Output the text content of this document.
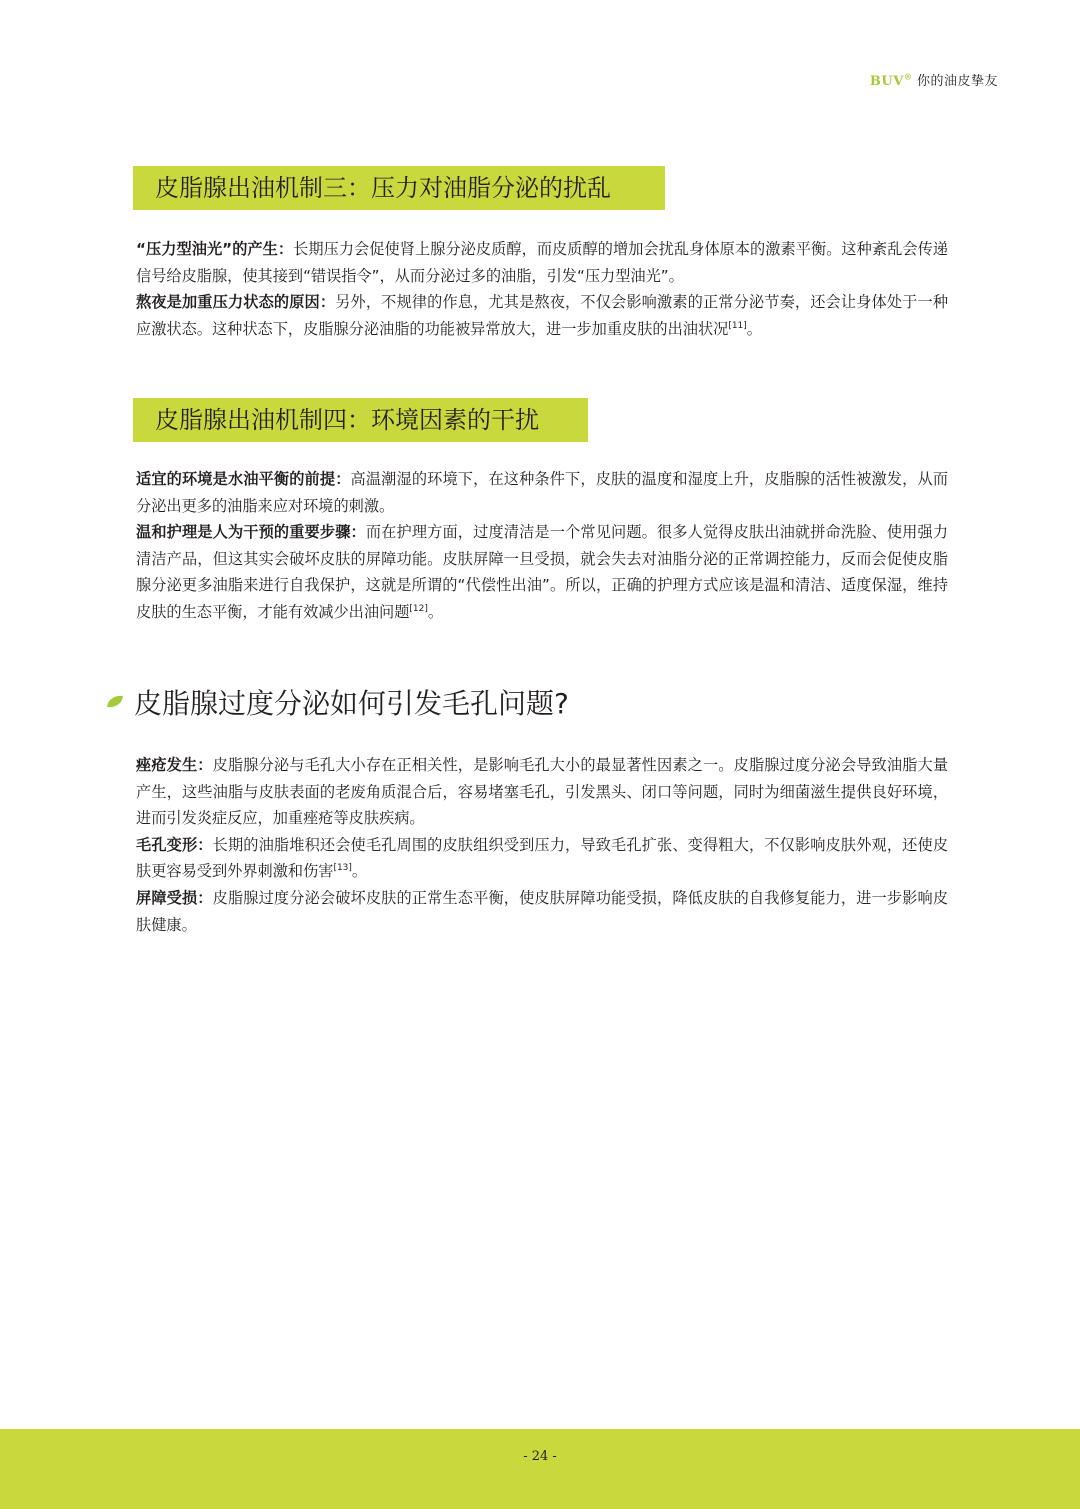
BUV® 你的油皮挚友
皮脂腺出油机制三：压力对油脂分泌的扰乱

“压力型油光”的产生：长期压力会促使肾上腺分泌皮质醇，而皮质醇的增加会扰乱身体原本的激素平衡。这种紊乱会传递信号给皮脂腺，使其接到“错误指令”，从而分泌过多的油脂，引发“压力型油光”。

熬夜是加重压力状态的原因：另外，不规律的作息，尤其是熬夜，不仅会影响激素的正常分泌节奏，还会让身体处于一种应激状态。这种状态下，皮脂腺分泌油脂的功能被异常放大，进一步加重皮肤的出油状况[11]。

皮脂腺出油机制四：环境因素的干扰

适宜的环境是水油平衡的前提：高温潮湿的环境下，在这种条件下，皮肤的温度和湿度上升，皮脂腺的活性被激发，从而分泌出更多的油脂来应对环境的刺激。

温和护理是人为干预的重要步骤：而在护理方面，过度清洁是一个常见问题。很多人觉得皮肤出油就拼命洗脸、使用强力清洁产品，但这其实会破坏皮肤的屏障功能。皮肤屏障一旦受损，就会失去对油脂分泌的正常调控能力，反而会促使皮脂腺分泌更多油脂来进行自我保护，这就是所谓的“代偿性出油”。所以，正确的护理方式应该是温和清洁、适度保湿，维持皮肤的生态平衡，才能有效减少出油问题[12]。

皮脂腺过度分泌如何引发毛孔问题?

痤疮发生：皮脂腺分泌与毛孔大小存在正相关性，是影响毛孔大小的最显著性因素之一。皮脂腺过度分泌会导致油脂大量产生，这些油脂与皮肤表面的老废角质混合后，容易堵塞毛孔，引发黑头、闭口等问题，同时为细菌滋生提供良好环境，进而引发炎症反应，加重痤疮等皮肤疾病。

毛孔变形：长期的油脂堆积还会使毛孔周围的皮肤组织受到压力，导致毛孔扩张、变得粗大，不仅影响皮肤外观，还使皮肤更容易受到外界刺激和伤害[13]。

屏障受损：皮脂腺过度分泌会破坏皮肤的正常生态平衡，使皮肤屏障功能受损，降低皮肤的自我修复能力，进一步影响皮肤健康。

- 24 -
